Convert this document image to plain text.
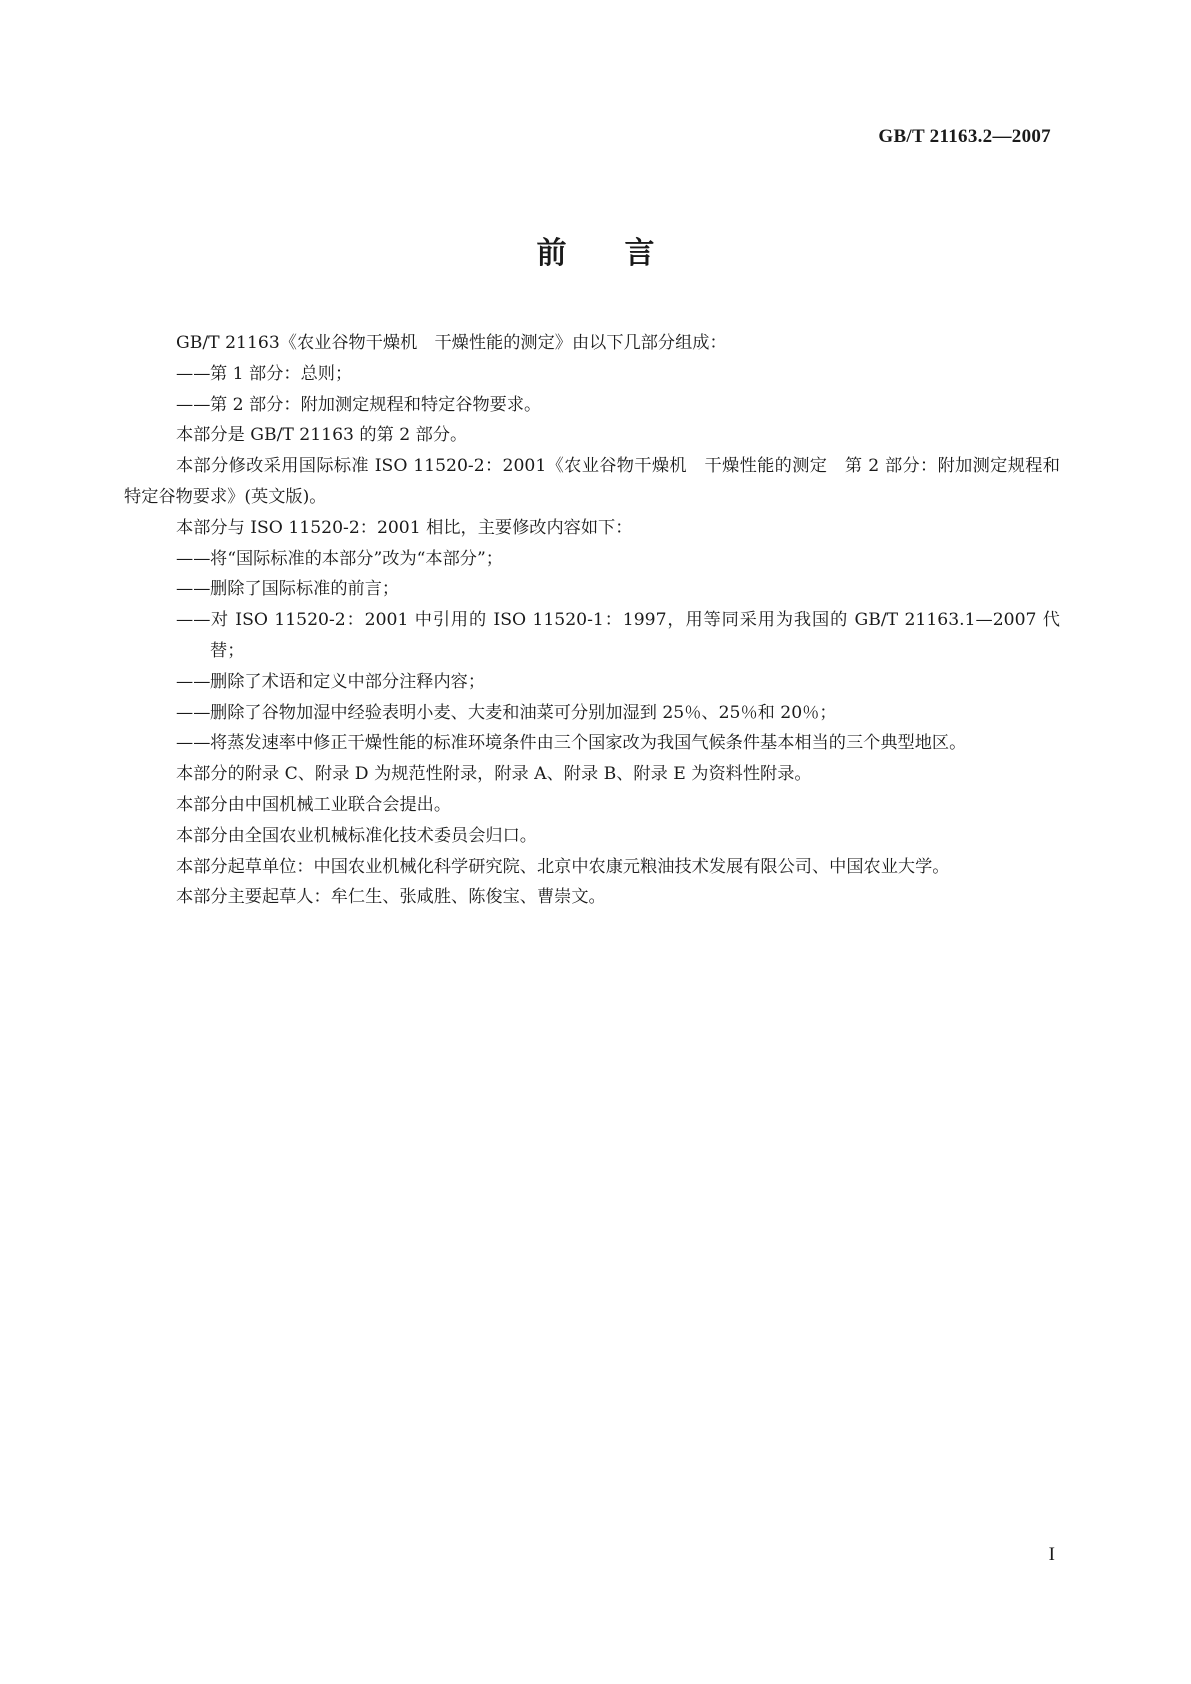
GB/T 21163.2—2007
前言

GB/T 21163《农业谷物干燥机　干燥性能的测定》由以下几部分组成：

——第 1 部分：总则；

——第 2 部分：附加测定规程和特定谷物要求。

本部分是 GB/T 21163 的第 2 部分。

本部分修改采用国际标准 ISO 11520-2：2001《农业谷物干燥机　干燥性能的测定　第 2 部分：附加测定规程和特定谷物要求》(英文版)。

本部分与 ISO 11520-2：2001 相比，主要修改内容如下：

——将“国际标准的本部分”改为“本部分”；

——删除了国际标准的前言；

——对 ISO 11520-2：2001 中引用的 ISO 11520-1：1997，用等同采用为我国的 GB/T 21163.1—2007 代替；

——删除了术语和定义中部分注释内容；

——删除了谷物加湿中经验表明小麦、大麦和油菜可分别加湿到 25％、25％和 20％；

——将蒸发速率中修正干燥性能的标准环境条件由三个国家改为我国气候条件基本相当的三个典型地区。

本部分的附录 C、附录 D 为规范性附录，附录 A、附录 B、附录 E 为资料性附录。

本部分由中国机械工业联合会提出。

本部分由全国农业机械标准化技术委员会归口。

本部分起草单位：中国农业机械化科学研究院、北京中农康元粮油技术发展有限公司、中国农业大学。

本部分主要起草人：牟仁生、张咸胜、陈俊宝、曹崇文。

I
